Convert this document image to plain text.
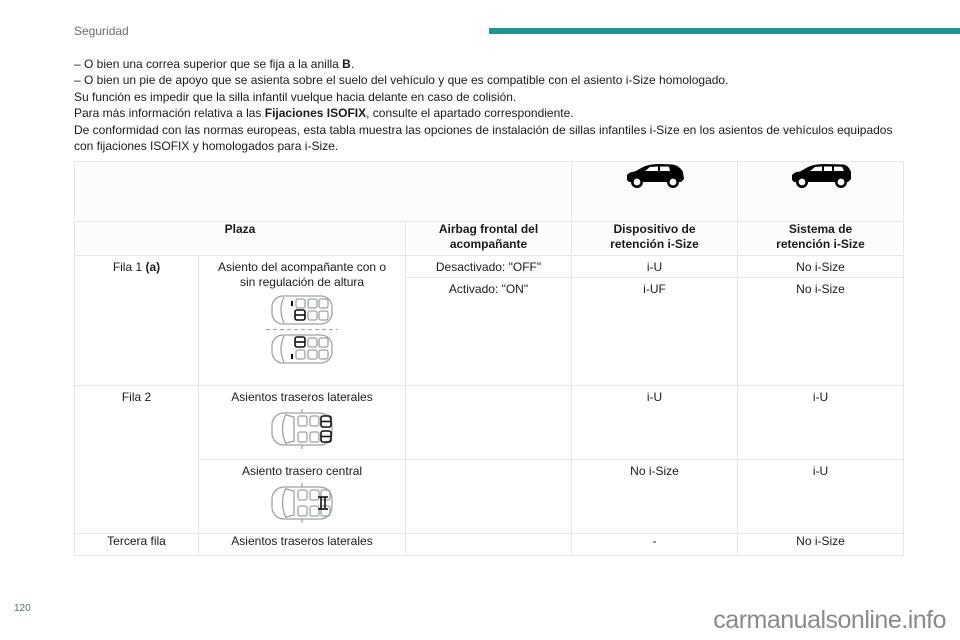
Seguridad

– O bien una correa superior que se fija a la anilla B.

– O bien un pie de apoyo que se asienta sobre el suelo del vehículo y que es compatible con el asiento i-Size homologado.

Su función es impedir que la silla infantil vuelque hacia delante en caso de colisión.

Para más información relativa a las Fijaciones ISOFIX, consulte el apartado correspondiente.

De conformidad con las normas europeas, esta tabla muestra las opciones de instalación de sillas infantiles i-Size en los asientos de vehículos equipados

con fijaciones ISOFIX y homologados para i-Size.

Plaza		Airbag frontal del acompañante	Dispositivo de retención i-Size	Sistema de retención i-Size

Fila 1 (a)	Asiento del acompañante con o sin regulación de altura	Desactivado: "OFF"	i-U	No i-Size

		Activado: "ON"	i-UF	No i-Size

Fila 2	Asientos traseros laterales		i-U	i-U

	Asiento trasero central		No i-Size	i-U

Tercera fila	Asientos traseros laterales		-	No i-Size
120	carmanualsonline.info
